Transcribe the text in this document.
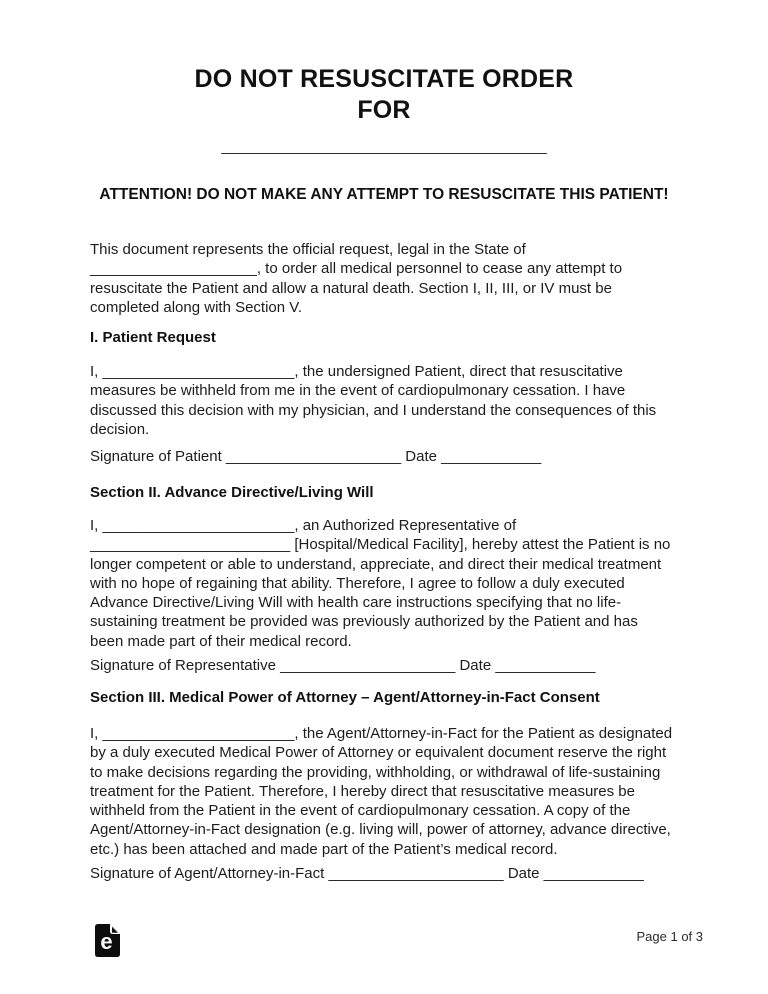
DO NOT RESUSCITATE ORDER
FOR
_______________________________________
ATTENTION! DO NOT MAKE ANY ATTEMPT TO RESUSCITATE THIS PATIENT!
This document represents the official request, legal in the State of
____________________, to order all medical personnel to cease any attempt to
resuscitate the Patient and allow a natural death. Section I, II, III, or IV must be
completed along with Section V.
I. Patient Request
I, _______________________, the undersigned Patient, direct that resuscitative
measures be withheld from me in the event of cardiopulmonary cessation. I have
discussed this decision with my physician, and I understand the consequences of this
decision.
Signature of Patient _____________________ Date ____________
Section II. Advance Directive/Living Will
I, _______________________, an Authorized Representative of
________________________ [Hospital/Medical Facility], hereby attest the Patient is no
longer competent or able to understand, appreciate, and direct their medical treatment
with no hope of regaining that ability. Therefore, I agree to follow a duly executed
Advance Directive/Living Will with health care instructions specifying that no life-
sustaining treatment be provided was previously authorized by the Patient and has
been made part of their medical record.
Signature of Representative _____________________ Date ____________
Section III. Medical Power of Attorney – Agent/Attorney-in-Fact Consent
I, _______________________, the Agent/Attorney-in-Fact for the Patient as designated
by a duly executed Medical Power of Attorney or equivalent document reserve the right
to make decisions regarding the providing, withholding, or withdrawal of life-sustaining
treatment for the Patient. Therefore, I hereby direct that resuscitative measures be
withheld from the Patient in the event of cardiopulmonary cessation. A copy of the
Agent/Attorney-in-Fact designation (e.g. living will, power of attorney, advance directive,
etc.) has been attached and made part of the Patient’s medical record.
Signature of Agent/Attorney-in-Fact _____________________ Date ____________
e	Page 1 of 3
